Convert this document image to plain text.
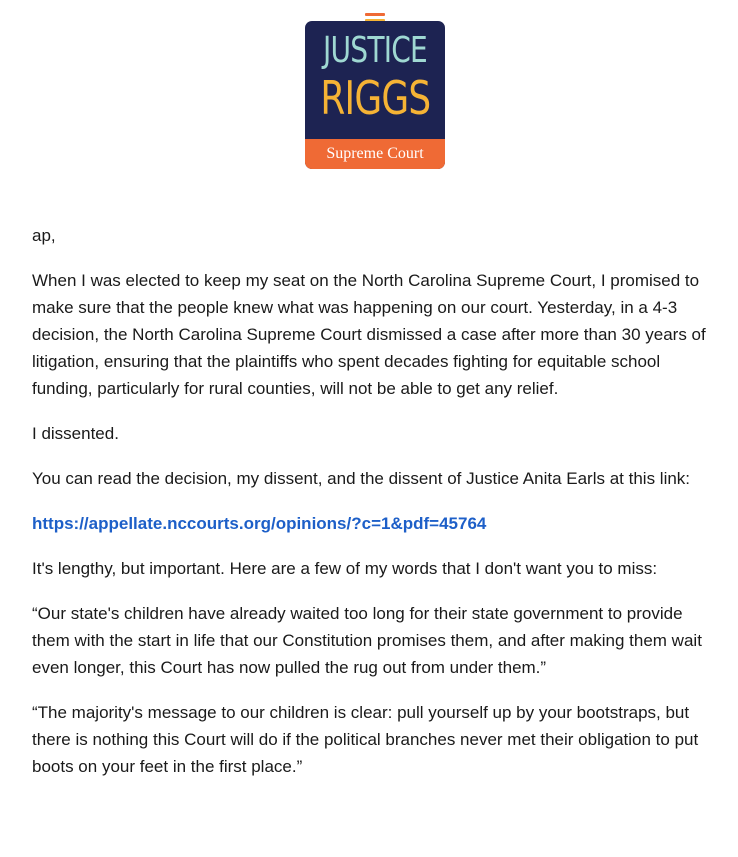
JUSTICE
RIGGS
Supreme Court

ap,

When I was elected to keep my seat on the North Carolina Supreme Court, I promised to make sure that the people knew what was happening on our court. Yesterday, in a 4-3 decision, the North Carolina Supreme Court dismissed a case after more than 30 years of litigation, ensuring that the plaintiffs who spent decades fighting for equitable school funding, particularly for rural counties, will not be able to get any relief.

I dissented.

You can read the decision, my dissent, and the dissent of Justice Anita Earls at this link:

https://appellate.nccourts.org/opinions/?c=1&pdf=45764

It's lengthy, but important. Here are a few of my words that I don't want you to miss:

“Our state's children have already waited too long for their state government to provide them with the start in life that our Constitution promises them, and after making them wait even longer, this Court has now pulled the rug out from under them.”

“The majority's message to our children is clear: pull yourself up by your bootstraps, but there is nothing this Court will do if the political branches never met their obligation to put boots on your feet in the first place.”
